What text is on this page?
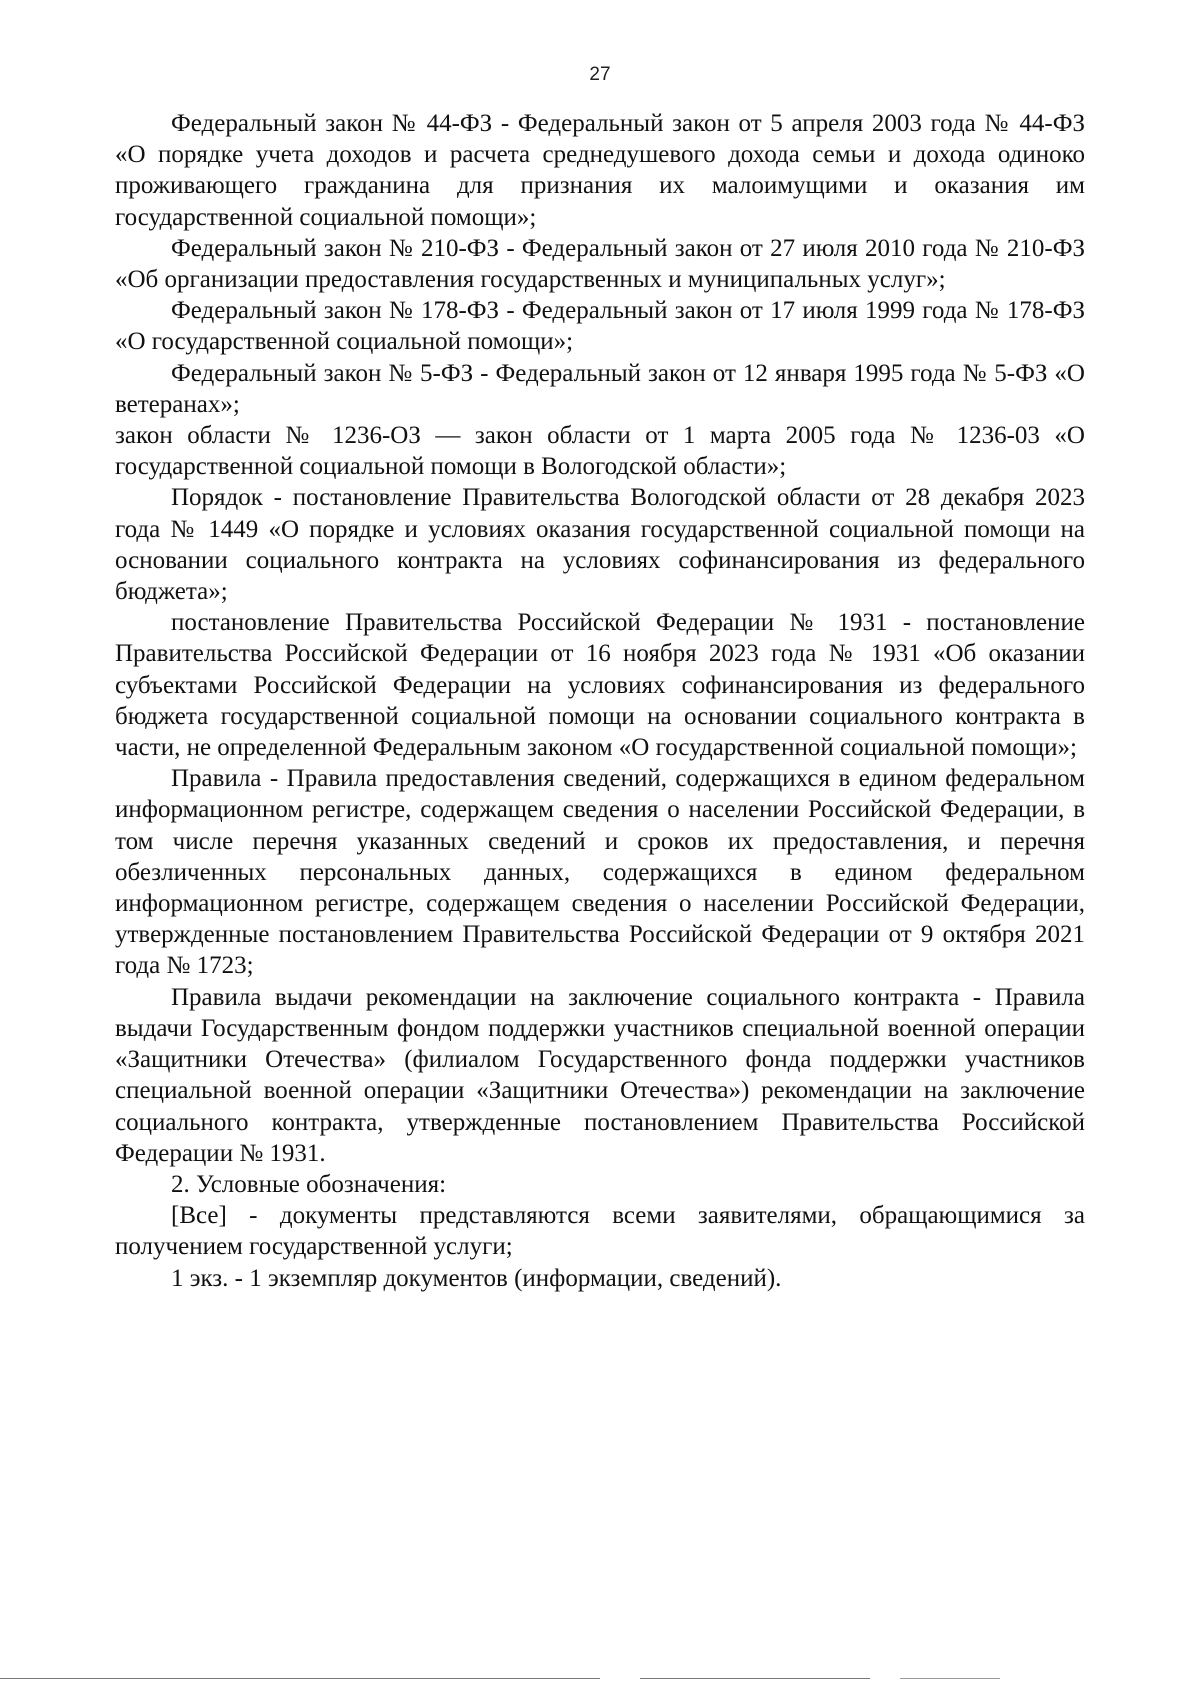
27

Федеральный закон № 44-ФЗ - Федеральный закон от 5 апреля 2003 года № 44-ФЗ «О порядке учета доходов и расчета среднедушевого дохода семьи и дохода одиноко проживающего гражданина для признания их малоимущими и оказания им государственной социальной помощи»;

Федеральный закон № 210-ФЗ - Федеральный закон от 27 июля 2010 года № 210-ФЗ «Об организации предоставления государственных и муниципальных услуг»;

Федеральный закон № 178-ФЗ - Федеральный закон от 17 июля 1999 года № 178-ФЗ «О государственной социальной помощи»;

Федеральный закон № 5-ФЗ - Федеральный закон от 12 января 1995 года № 5-ФЗ «О ветеранах»;

закон области № 1236-ОЗ — закон области от 1 марта 2005 года № 1236-03 «О государственной социальной помощи в Вологодской области»;

Порядок - постановление Правительства Вологодской области от 28 декабря 2023 года № 1449 «О порядке и условиях оказания государственной социальной помощи на основании социального контракта на условиях софинансирования из федерального бюджета»;

постановление Правительства Российской Федерации № 1931 - постановление Правительства Российской Федерации от 16 ноября 2023 года № 1931 «Об оказании субъектами Российской Федерации на условиях софинансирования из федерального бюджета государственной социальной помощи на основании социального контракта в части, не определенной Федеральным законом «О государственной социальной помощи»;

Правила - Правила предоставления сведений, содержащихся в едином федеральном информационном регистре, содержащем сведения о населении Российской Федерации, в том числе перечня указанных сведений и сроков их предоставления, и перечня обезличенных персональных данных, содержащихся в едином федеральном информационном регистре, содержащем сведения о населении Российской Федерации, утвержденные постановлением Правительства Российской Федерации от 9 октября 2021 года № 1723;

Правила выдачи рекомендации на заключение социального контракта - Правила выдачи Государственным фондом поддержки участников специальной военной операции «Защитники Отечества» (филиалом Государственного фонда поддержки участников специальной военной операции «Защитники Отечества») рекомендации на заключение социального контракта, утвержденные постановлением Правительства Российской Федерации № 1931.

2. Условные обозначения:

[Все] - документы представляются всеми заявителями, обращающимися за получением государственной услуги;

1 экз. - 1 экземпляр документов (информации, сведений).
